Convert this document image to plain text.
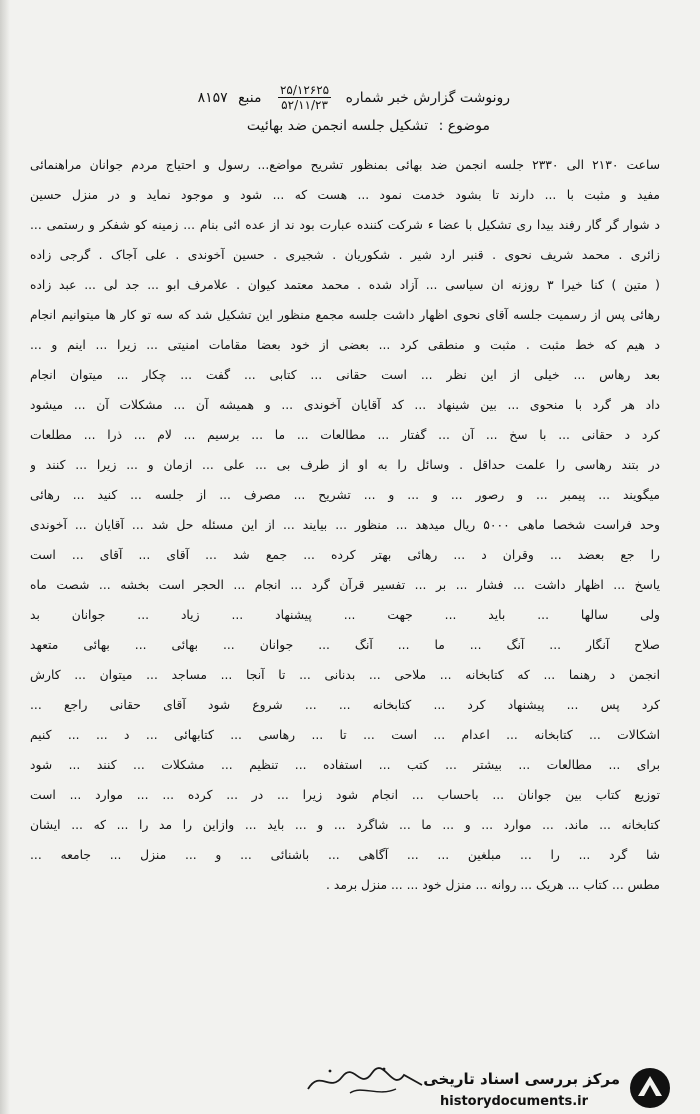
رونوشت گزارش خبر شماره
۲۵/۱۲۶۲۵
۵۲/۱۱/۲۳
منبع ۸۱۵۷
موضوع : تشکیل جلسه انجمن ضد بهائیت
ساعت ۲۱۳۰ الی ۲۳۳۰ جلسه انجمن ضد بهائی بمنظور تشریح مواضع... رسول و احتیاج مردم جوانان مراهنمائی
مفید و مثبت با ... دارند تا بشود خدمت نمود ... هست که ... شود و موجود نماید و در منزل حسین
د شوار گر گار رفند بیدا ری تشکیل با عضا ء شرکت کننده عبارت بود ند از عده ائی بنام ... زمینه کو شفکر و رستمی ...
زائری . محمد شریف نحوی . قنبر ارد شیر . شکوریان . شجیری . حسین آخوندی . علی آجاک . گرجی زاده
( متین ) کنا خیرا ۳ روزنه ان سیاسی ... آزاد شده . محمد معتمد کیوان . علامرف ابو ... جد لی ... عبد زاده
رهائی پس از رسمیت جلسه آقای نحوی اظهار داشت جلسه مجمع منظور این تشکیل شد که سه تو کار ها میتوانیم انجام
د هیم که خط مثبت . مثبت و منطقی کرد ... بعضی از خود بعضا مقامات امنیتی ... زیرا ... اینم و ...
بعد رهاس ... خیلی از این نظر ... است حقانی ... کتابی ... گفت ... چکار ... میتوان انجام
داد هر گرد با منحوی ... بین شینهاد ... کد آقایان آخوندی ... و همیشه آن ... مشکلات آن ... میشود
کرد د حقانی ... با سخ ... آن ... گفتار ... مطالعات ... ما ... برسیم ... لام ... ذرا ... مطلعات
در بتند رهاسی را علمت حداقل . وسائل را به او از طرف بی ... علی ... ازمان و ... زیرا ... کنند و
میگویند ... پیمبر ... و رصور ... و ... و ... تشریح ... مصرف ... از جلسه ... کنید ... رهائی
وحد فراست شخصا ماهی ۵۰۰۰ ریال میدهد ... منظور ... بیایند ... از این مسئله حل شد ... آقایان ... آخوندی
را جع بعضد ... وقران د ... رهائی بهتر کرده ... جمع شد ... آقای ... آقای ... است
یاسخ ... اظهار داشت ... فشار ... بر ... تفسیر قرآن گرد ... انجام ... الحجر است بخشه ... شصت ماه
ولی سالها ... باید ... جهت ... پیشنهاد ... زیاد ... جوانان بد
صلاح آنگار ... آنگ ... ما ... آنگ ... جوانان ... بهائی ... بهائی متعهد
انجمن د رهنما ... که کتابخانه ... ملاحی ... بدنانی ... تا آنجا ... مساجد ... میتوان ... کارش
کرد پس ... پیشنهاد کرد ... کتابخانه ... ... شروع شود آقای حقانی راجع ...
اشکالات ... کتابخانه ... اعدام ... است ... تا ... رهاسی ... کتابهائی ... د ... ... کنیم
برای ... مطالعات ... بیشتر ... کتب ... استفاده ... تنظیم ... مشکلات ... کنند ... شود
توزیع کتاب بین جوانان ... باحساب ... انجام شود زیرا ... در ... کرده ... ... موارد ... است
کتابخانه ... ماند. ... موارد ... و ... ما ... شاگرد ... و ... باید ... وازاین را مد را ... که ... ایشان
شا گرد ... را ... مبلغین ... ... آگاهی ... باشنائی ... و ... منزل ... جامعه ...
مطس ... کتاب ... هریک ... روانه ... منزل خود ... ... منزل برمد .
مرکز بررسی اسناد تاریخی
historydocuments.ir
